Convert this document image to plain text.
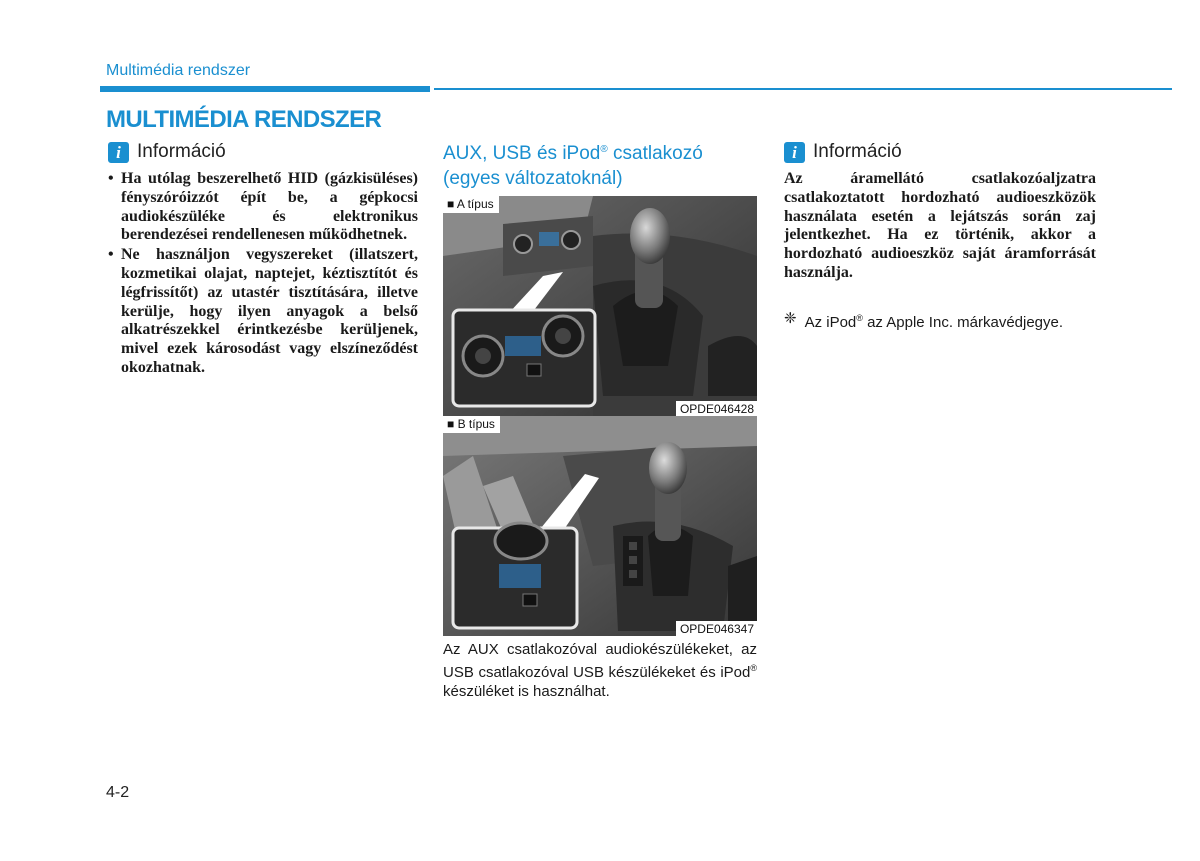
Multimédia rendszer
MULTIMÉDIA RENDSZER
i Információ
• Ha utólag beszerelhető HID (gázkisüléses) fényszóróizzót épít be, a gépkocsi audiokészüléke és elektronikus berendezései rendellenesen működhetnek.
• Ne használjon vegyszereket (illatszert, kozmetikai olajat, naptejet, kéztisztítót és légfrissítőt) az utastér tisztítására, illetve kerülje, hogy ilyen anyagok a belső alkatrészekkel érintkezésbe kerüljenek, mivel ezek károsodást vagy elszíneződést okozhatnak.
AUX, USB és iPod® csatlakozó (egyes változatoknál)
■ A típus
OPDE046428
■ B típus
OPDE046347
Az AUX csatlakozóval audiokészülékeket, az USB csatlakozóval USB készülékeket és iPod® készüléket is használhat.
i Információ
Az áramellátó csatlakozóaljzatra csatlakoztatott hordozható audioeszközök használata esetén a lejátszás során zaj jelentkezhet. Ha ez történik, akkor a hordozható audioeszköz saját áramforrását használja.
❈ Az iPod® az Apple Inc. márkavédjegye.
4-2
